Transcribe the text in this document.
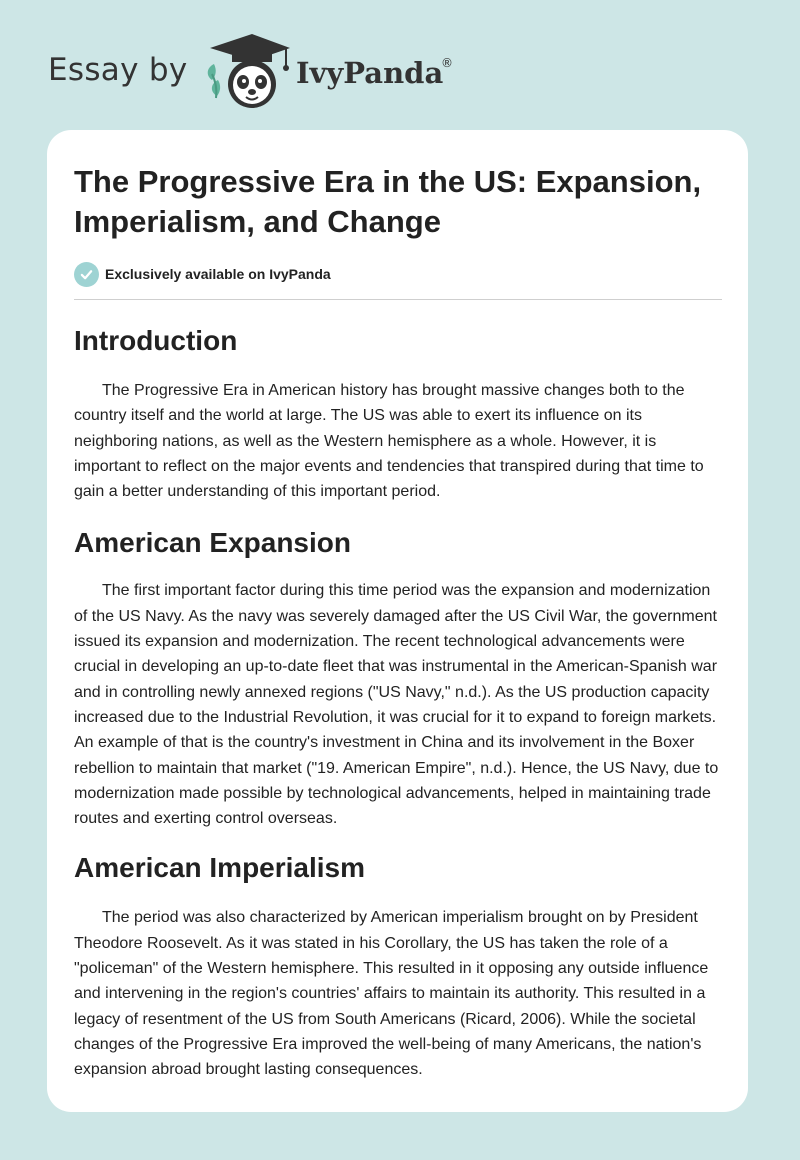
Essay by	IvyPanda
®
The Progressive Era in the US: Expansion, Imperialism, and Change
Exclusively available on IvyPanda
Introduction

The Progressive Era in American history has brought massive changes both to the country itself and the world at large. The US was able to exert its influence on its neighboring nations, as well as the Western hemisphere as a whole. However, it is important to reflect on the major events and tendencies that transpired during that time to gain a better understanding of this important period.

American Expansion

The first important factor during this time period was the expansion and modernization of the US Navy. As the navy was severely damaged after the US Civil War, the government issued its expansion and modernization. The recent technological advancements were crucial in developing an up-to-date fleet that was instrumental in the American-Spanish war and in controlling newly annexed regions ("US Navy," n.d.). As the US production capacity increased due to the Industrial Revolution, it was crucial for it to expand to foreign markets. An example of that is the country's investment in China and its involvement in the Boxer rebellion to maintain that market ("19. American Empire", n.d.). Hence, the US Navy, due to modernization made possible by technological advancements, helped in maintaining trade routes and exerting control overseas.

American Imperialism

The period was also characterized by American imperialism brought on by President Theodore Roosevelt. As it was stated in his Corollary, the US has taken the role of a "policeman" of the Western hemisphere. This resulted in it opposing any outside influence and intervening in the region's countries' affairs to maintain its authority. This resulted in a legacy of resentment of the US from South Americans (Ricard, 2006). While the societal changes of the Progressive Era improved the well-being of many Americans, the nation's expansion abroad brought lasting consequences.
